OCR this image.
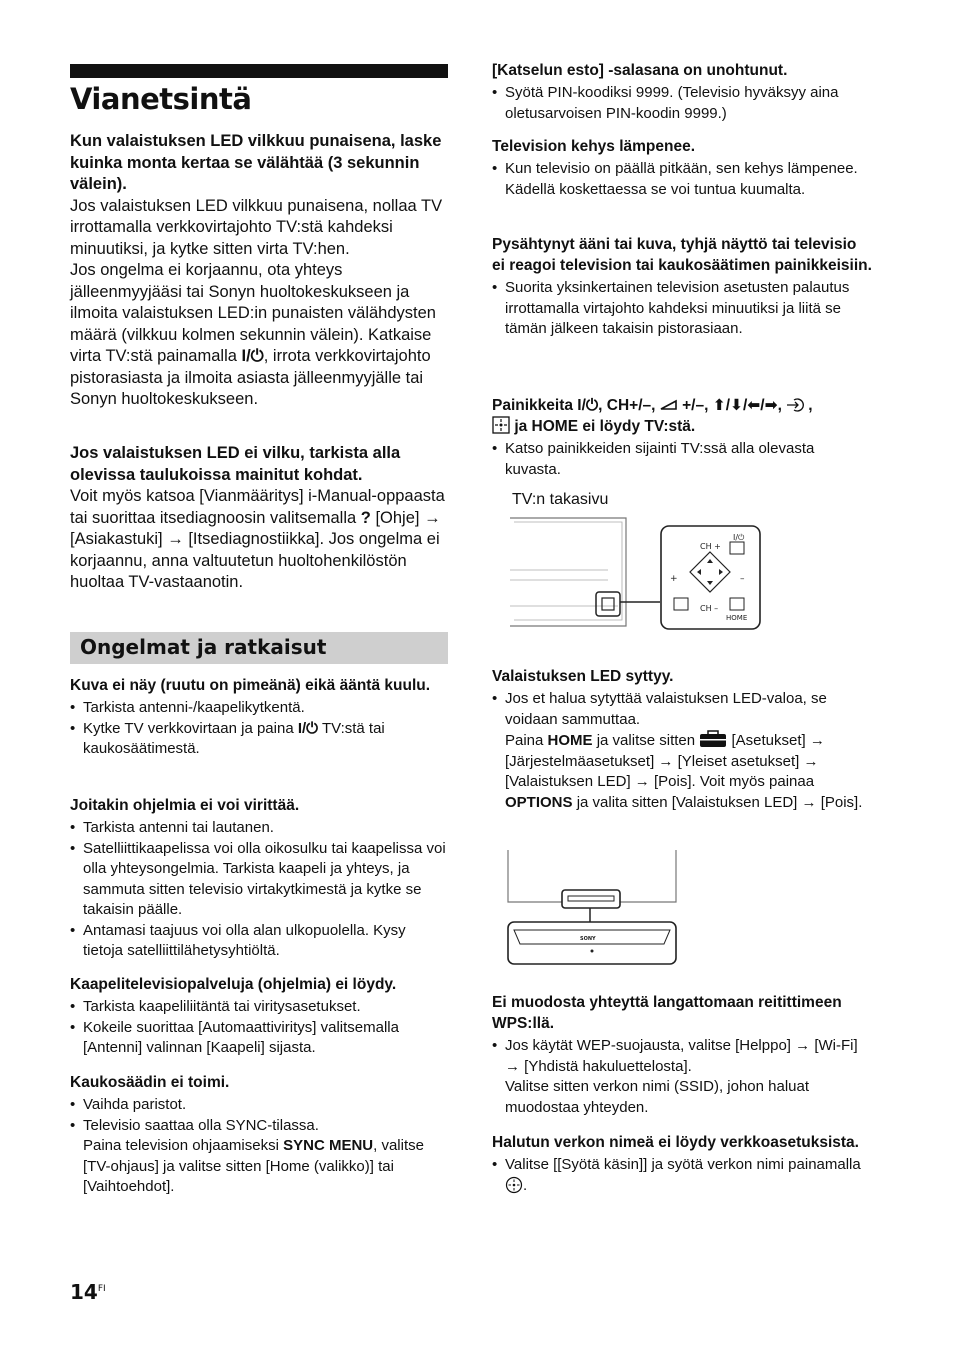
Vianetsintä

Kun valaistuksen LED vilkkuu punaisena, laske kuinka monta kertaa se välähtää (3 sekunnin välein).

Jos valaistuksen LED vilkkuu punaisena, nollaa TV irrottamalla verkkovirtajohto TV:stä kahdeksi minuutiksi, ja kytke sitten virta TV:hen.

Jos ongelma ei korjaannu, ota yhteys jälleenmyyjääsi tai Sonyn huoltokeskukseen ja ilmoita valaistuksen LED:in punaisten välähdysten määrä (vilkkuu kolmen sekunnin välein). Katkaise virta TV:stä painamalla I/⏻, irrota verkkovirtajohto pistorasiasta ja ilmoita asiasta jälleenmyyjälle tai Sonyn huoltokeskukseen.

Jos valaistuksen LED ei vilku, tarkista alla olevissa taulukoissa mainitut kohdat.

Voit myös katsoa [Vianmääritys] i-Manual-oppaasta tai suorittaa itsediagnoosin valitsemalla ? [Ohje] → [Asiakastuki] → [Itsediagnostiikka]. Jos ongelma ei korjaannu, anna valtuutetun huoltohenkilöstön huoltaa TV-vastaanotin.

Ongelmat ja ratkaisut

Kuva ei näy (ruutu on pimeänä) eikä ääntä kuulu.

• Tarkista antenni-/kaapelikytkentä.
• Kytke TV verkkovirtaan ja paina I/⏻ TV:stä tai kaukosäätimestä.

Joitakin ohjelmia ei voi virittää.

• Tarkista antenni tai lautanen.
• Satelliittikaapelissa voi olla oikosulku tai kaapelissa voi olla yhteysongelmia. Tarkista kaapeli ja yhteys, ja sammuta sitten televisio virtakytkimestä ja kytke se takaisin päälle.
• Antamasi taajuus voi olla alan ulkopuolella. Kysy tietoja satelliittilähetysyhtiöltä.

Kaapelitelevisiopalveluja (ohjelmia) ei löydy.

• Tarkista kaapeliliitäntä tai viritysasetukset.
• Kokeile suorittaa [Automaattiviritys] valitsemalla [Antenni] valinnan [Kaapeli] sijasta.

Kaukosäädin ei toimi.

• Vaihda paristot.
• Televisio saattaa olla SYNC-tilassa.
Paina television ohjaamiseksi SYNC MENU, valitse [TV-ohjaus] ja valitse sitten [Home (valikko)] tai [Vaihtoehdot].

[Katselun esto] -salasana on unohtunut.

• Syötä PIN-koodiksi 9999. (Televisio hyväksyy aina oletusarvoisen PIN-koodin 9999.)

Television kehys lämpenee.

• Kun televisio on päällä pitkään, sen kehys lämpenee.
Kädellä koskettaessa se voi tuntua kuumalta.

Pysähtynyt ääni tai kuva, tyhjä näyttö tai televisio ei reagoi television tai kaukosäätimen painikkeisiin.

• Suorita yksinkertainen television asetusten palautus irrottamalla virtajohto kahdeksi minuutiksi ja liitä se tämän jälkeen takaisin pistorasiaan.

Painikkeita I/⏻, CH+/–, +/–, ⬆/⬇/⬅/➡, ,
ja HOME ei löydy TV:stä.

• Katso painikkeiden sijainti TV:ssä alla olevasta kuvasta.
TV:n takasivu
CH +
I/⏻
+	–
CH –
HOME

Valaistuksen LED syttyy.

• Jos et halua sytyttää valaistuksen LED-valoa, se voidaan sammuttaa.
Paina HOME ja valitse sitten [Asetukset] → [Järjestelmäasetukset] → [Yleiset asetukset] → [Valaistuksen LED] → [Pois]. Voit myös painaa OPTIONS ja valita sitten [Valaistuksen LED] → [Pois].
SONY

Ei muodosta yhteyttä langattomaan reitittimeen WPS:llä.

• Jos käytät WEP-suojausta, valitse [Helppo] → [Wi-Fi] → [Yhdistä hakuluettelosta].
Valitse sitten verkon nimi (SSID), johon haluat muodostaa yhteyden.

Halutun verkon nimeä ei löydy verkkoasetuksista.

• Valitse [[Syötä käsin]] ja syötä verkon nimi painamalla .
$14^{FI}$
